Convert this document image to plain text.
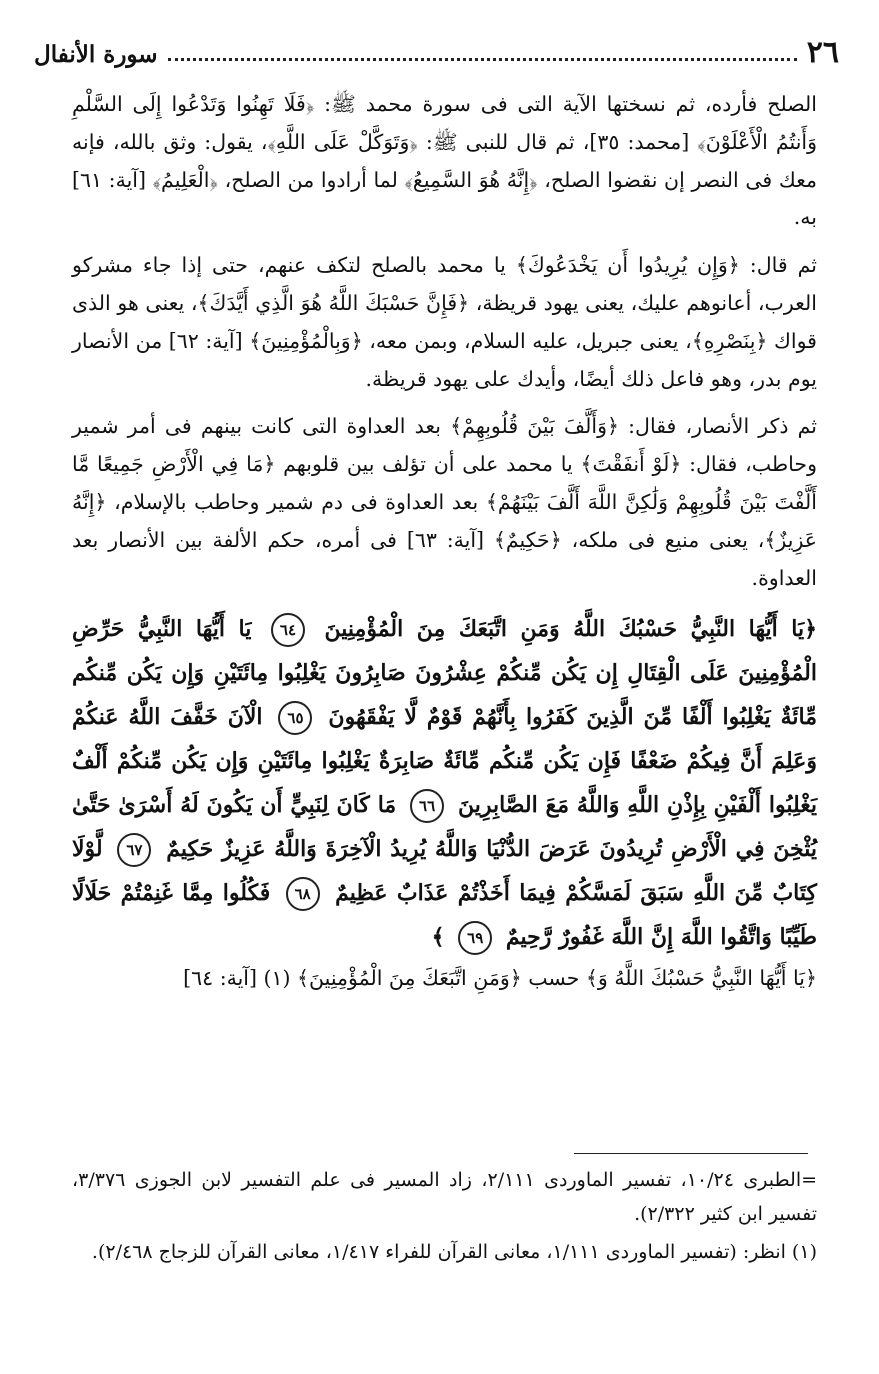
٢٦
سورة الأنفال

الصلح فأرده، ثم نسختها الآية التى فى سورة محمد ﷺ: ﴿فَلَا تَهِنُوا وَتَدْعُوا إِلَى السَّلْمِ وَأَنتُمُ الْأَعْلَوْنَ﴾ [محمد: ٣٥]، ثم قال للنبى ﷺ: ﴿وَتَوَكَّلْ عَلَى اللَّهِ﴾، يقول: وثق بالله، فإنه معك فى النصر إن نقضوا الصلح، ﴿إِنَّهُ هُوَ السَّمِيعُ﴾ لما أرادوا من الصلح، ﴿الْعَلِيمُ﴾ [آية: ٦١] به.

ثم قال: ﴿وَإِن يُرِيدُوا أَن يَخْدَعُوكَ﴾ يا محمد بالصلح لتكف عنهم، حتى إذا جاء مشركو العرب، أعانوهم عليك، يعنى يهود قريظة، ﴿فَإِنَّ حَسْبَكَ اللَّهُ هُوَ الَّذِي أَيَّدَكَ﴾، يعنى هو الذى قواك ﴿بِنَصْرِهِ﴾، يعنى جبريل، عليه السلام، وبمن معه، ﴿وَبِالْمُؤْمِنِينَ﴾ [آية: ٦٢] من الأنصار يوم بدر، وهو فاعل ذلك أيضًا، وأيدك على يهود قريظة.

ثم ذكر الأنصار، فقال: ﴿وَأَلَّفَ بَيْنَ قُلُوبِهِمْ﴾ بعد العداوة التى كانت بينهم فى أمر شمير وحاطب، فقال: ﴿لَوْ أَنفَقْتَ﴾ يا محمد على أن تؤلف بين قلوبهم ﴿مَا فِي الْأَرْضِ جَمِيعًا مَّا أَلَّفْتَ بَيْنَ قُلُوبِهِمْ وَلَٰكِنَّ اللَّهَ أَلَّفَ بَيْنَهُمْ﴾ بعد العداوة فى دم شمير وحاطب بالإسلام، ﴿إِنَّهُ عَزِيزٌ﴾، يعنى منيع فى ملكه، ﴿حَكِيمٌ﴾ [آية: ٦٣] فى أمره، حكم الألفة بين الأنصار بعد العداوة.

﴿يَا أَيُّهَا النَّبِيُّ حَسْبُكَ اللَّهُ وَمَنِ اتَّبَعَكَ مِنَ الْمُؤْمِنِينَ ٦٤ يَا أَيُّهَا النَّبِيُّ حَرِّضِ الْمُؤْمِنِينَ عَلَى الْقِتَالِ إِن يَكُن مِّنكُمْ عِشْرُونَ صَابِرُونَ يَغْلِبُوا مِائَتَيْنِ وَإِن يَكُن مِّنكُم مِّائَةٌ يَغْلِبُوا أَلْفًا مِّنَ الَّذِينَ كَفَرُوا بِأَنَّهُمْ قَوْمٌ لَّا يَفْقَهُونَ ٦٥ الْآنَ خَفَّفَ اللَّهُ عَنكُمْ وَعَلِمَ أَنَّ فِيكُمْ ضَعْفًا فَإِن يَكُن مِّنكُم مِّائَةٌ صَابِرَةٌ يَغْلِبُوا مِائَتَيْنِ وَإِن يَكُن مِّنكُمْ أَلْفٌ يَغْلِبُوا أَلْفَيْنِ بِإِذْنِ اللَّهِ وَاللَّهُ مَعَ الصَّابِرِينَ ٦٦ مَا كَانَ لِنَبِيٍّ أَن يَكُونَ لَهُ أَسْرَىٰ حَتَّىٰ يُثْخِنَ فِي الْأَرْضِ تُرِيدُونَ عَرَضَ الدُّنْيَا وَاللَّهُ يُرِيدُ الْآخِرَةَ وَاللَّهُ عَزِيزٌ حَكِيمٌ ٦٧ لَّوْلَا كِتَابٌ مِّنَ اللَّهِ سَبَقَ لَمَسَّكُمْ فِيمَا أَخَذْتُمْ عَذَابٌ عَظِيمٌ ٦٨ فَكُلُوا مِمَّا غَنِمْتُمْ حَلَالًا طَيِّبًا وَاتَّقُوا اللَّهَ إِنَّ اللَّهَ غَفُورٌ رَّحِيمٌ ٦٩ ﴾

﴿يَا أَيُّهَا النَّبِيُّ حَسْبُكَ اللَّهُ وَ﴾ حسب ﴿وَمَنِ اتَّبَعَكَ مِنَ الْمُؤْمِنِينَ﴾ (١) [آية: ٦٤]

=الطبرى ١٠/٢٤، تفسير الماوردى ٢/١١١، زاد المسير فى علم التفسير لابن الجوزى ٣/٣٧٦، تفسير ابن كثير ٢/٣٢٢).

(١) انظر: (تفسير الماوردى ١/١١١، معانى القرآن للفراء ١/٤١٧، معانى القرآن للزجاج ٢/٤٦٨).
